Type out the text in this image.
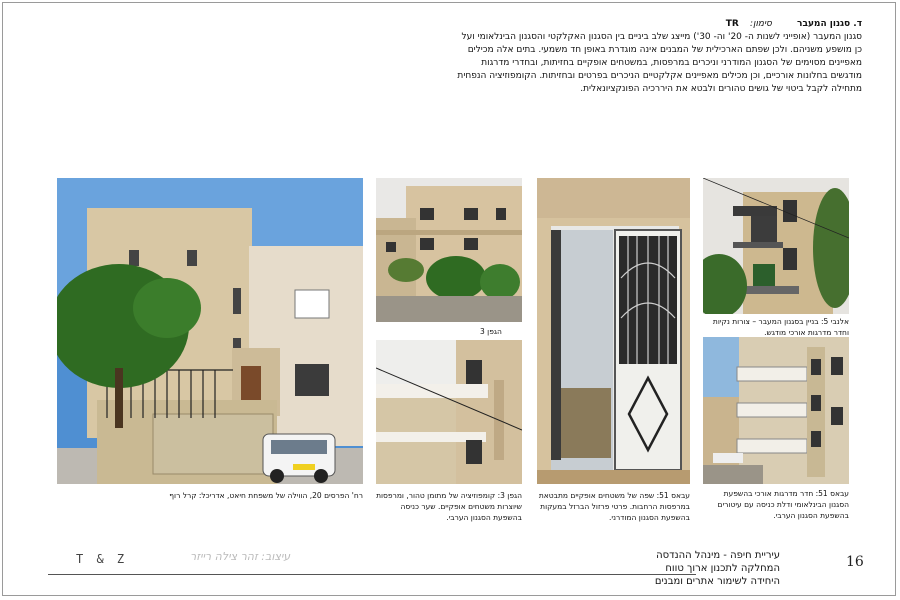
ד. סגנון המעבר סימון: TR
סגנון המעבר (אופייני לשנות ה- 20' וה- 30') מייצג שלב ביניים בין הסגנון האקלקטי והסגנון הבינלאומי ועל כן מושפע משניהם. ולכן שפתם הארכילית של המבנים אינה מוגדרת באופן חד משמעי. בתים אלה מכילים מאפיינים מסוימים של הסגנון המודרני וניכרים במרפסות, במשטחים אופקיים בחזיתות, ובחדרי מדרגות מודגשים בחלונות אורכיים, וכן מכילים מאפיינים אקלקטיים הניכרים בפרטים ובחזיתות. הקומפוזיציה הנפחית מתחילה לקבל ביטוי של גושים טהורים ולבטא את היררכיה הפונקציונאלית.
רח' הפרסים 20, הווילה של משפחת חיאט, אדריכל: קרל רוף
הגפן 3
הגפן 3: קומפוזיציה של מתומן טהור, ומרפסות שיוצרות משטחים אופקיים. שער כניסה בהשפעת הסגנון הערבי.
עבאס 51: שפה של משטחים אופקיים מתבטאת במרפסות הרחבות. פרטי פרזול הברזל במעקות בהשפעת הסגנון המודרני.
אלנבי 5: בניין בסגנון המעבר – צורות נקיות וחדר מדרגות אורכי מודגש.
עבאס 51: חדר מדרגות אורכי בהשפעת הסגנון הבינלאומי ודלת כניסה עם עיטורים בהשפעת הסגנון הערבי.
T & Z	עיצוב: זהר צילה רייזר	עיריית חיפה - מינהל ההנדסה
המחלקה לתכנון ארוך טווח
היחידה לשימור אתרים ומבנים
16
